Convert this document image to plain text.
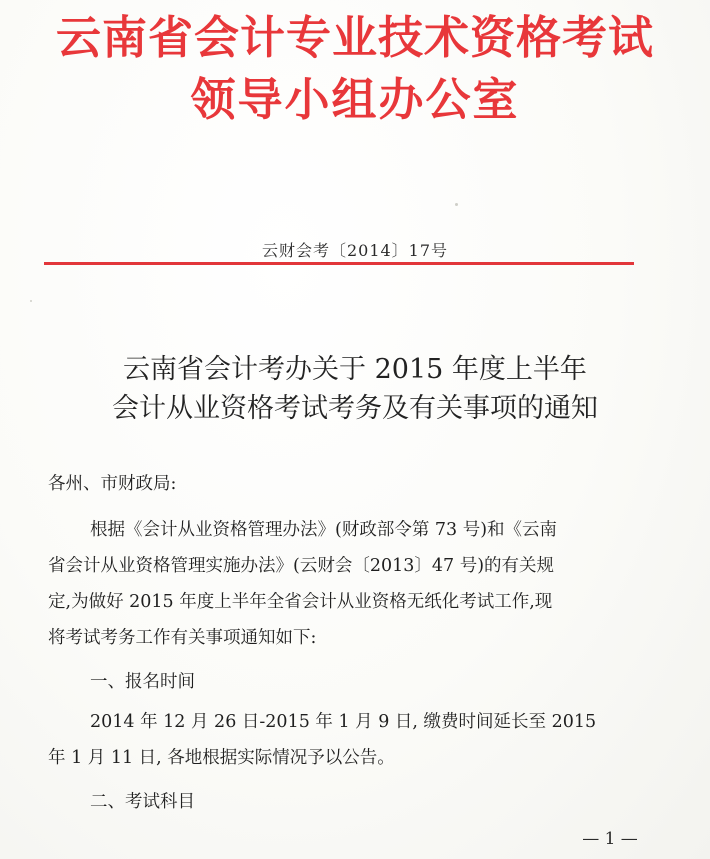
云南省会计专业技术资格考试
领导小组办公室
云财会考〔2014〕17号
云南省会计考办关于 2015 年度上半年
会计从业资格考试考务及有关事项的通知
各州、市财政局:
根据《会计从业资格管理办法》(财政部令第 73 号)和《云南
省会计从业资格管理实施办法》(云财会〔2013〕47 号)的有关规
定,为做好 2015 年度上半年全省会计从业资格无纸化考试工作,现
将考试考务工作有关事项通知如下:
一、报名时间
2014 年 12 月 26 日-2015 年 1 月 9 日, 缴费时间延长至 2015
年 1 月 11 日, 各地根据实际情况予以公告。
二、考试科目
— 1 —
